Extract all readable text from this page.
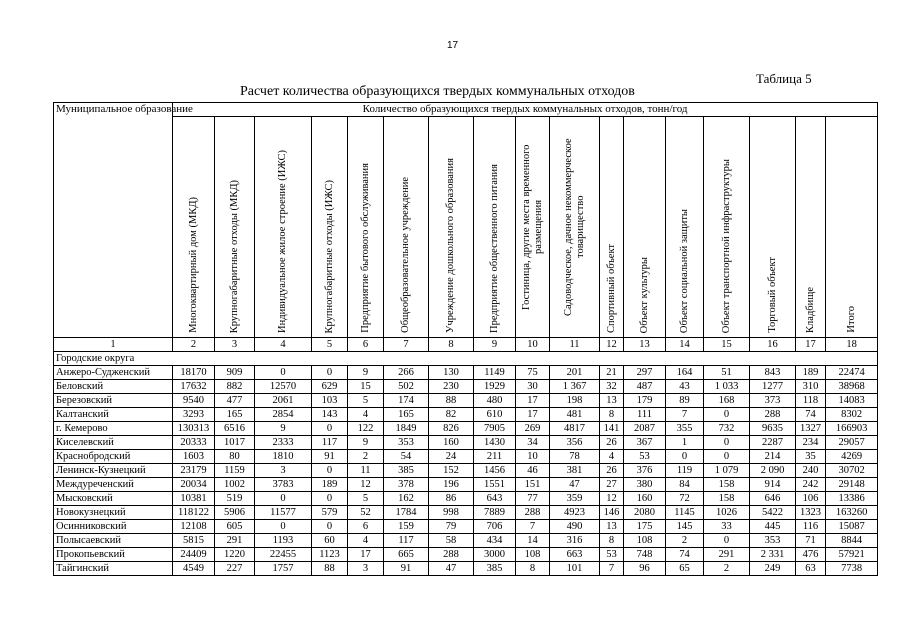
17
Таблица 5
Расчет количества образующихся твердых коммунальных отходов
Муниципальное образование	Количество образующихся твердых коммунальных отходов, тонн/год																

	Многоквартирный дом (МКД)	Крупногабаритные отходы (МКД)	Индивидуальное жилое строение (ИЖС)	Крупногабаритные отходы (ИЖС)	Предприятие бытового обслуживания	Общеобразовательное учреждение	Учреждение дошкольного образования	Предприятие общественного питания	Гостиница, другие места временного размещения	Садоводческое, дачное некоммерческое товарищество	Спортивный объект	Объект культуры	Объект социальной защиты	Объект транспортной инфраструктуры	Торговый объект	Кладбище	Итого

1	2	3	4	5	6	7	8	9	10	11	12	13	14	15	16	17	18
Городские округа																	
Анжеро-Судженский	18170	909	0	0	9	266	130	1149	75	201	21	297	164	51	843	189	22474
Беловский	17632	882	12570	629	15	502	230	1929	30	1 367	32	487	43	1 033	1277	310	38968
Березовский	9540	477	2061	103	5	174	88	480	17	198	13	179	89	168	373	118	14083
Калтанский	3293	165	2854	143	4	165	82	610	17	481	8	111	7	0	288	74	8302
г. Кемерово	130313	6516	9	0	122	1849	826	7905	269	4817	141	2087	355	732	9635	1327	166903
Киселевский	20333	1017	2333	117	9	353	160	1430	34	356	26	367	1	0	2287	234	29057
Краснобродский	1603	80	1810	91	2	54	24	211	10	78	4	53	0	0	214	35	4269
Ленинск-Кузнецкий	23179	1159	3	0	11	385	152	1456	46	381	26	376	119	1 079	2 090	240	30702
Междуреченский	20034	1002	3783	189	12	378	196	1551	151	47	27	380	84	158	914	242	29148
Мысковский	10381	519	0	0	5	162	86	643	77	359	12	160	72	158	646	106	13386
Новокузнецкий	118122	5906	11577	579	52	1784	998	7889	288	4923	146	2080	1145	1026	5422	1323	163260
Осинниковский	12108	605	0	0	6	159	79	706	7	490	13	175	145	33	445	116	15087
Полысаевский	5815	291	1193	60	4	117	58	434	14	316	8	108	2	0	353	71	8844
Прокопьевский	24409	1220	22455	1123	17	665	288	3000	108	663	53	748	74	291	2 331	476	57921
Тайгинский	4549	227	1757	88	3	91	47	385	8	101	7	96	65	2	249	63	7738
